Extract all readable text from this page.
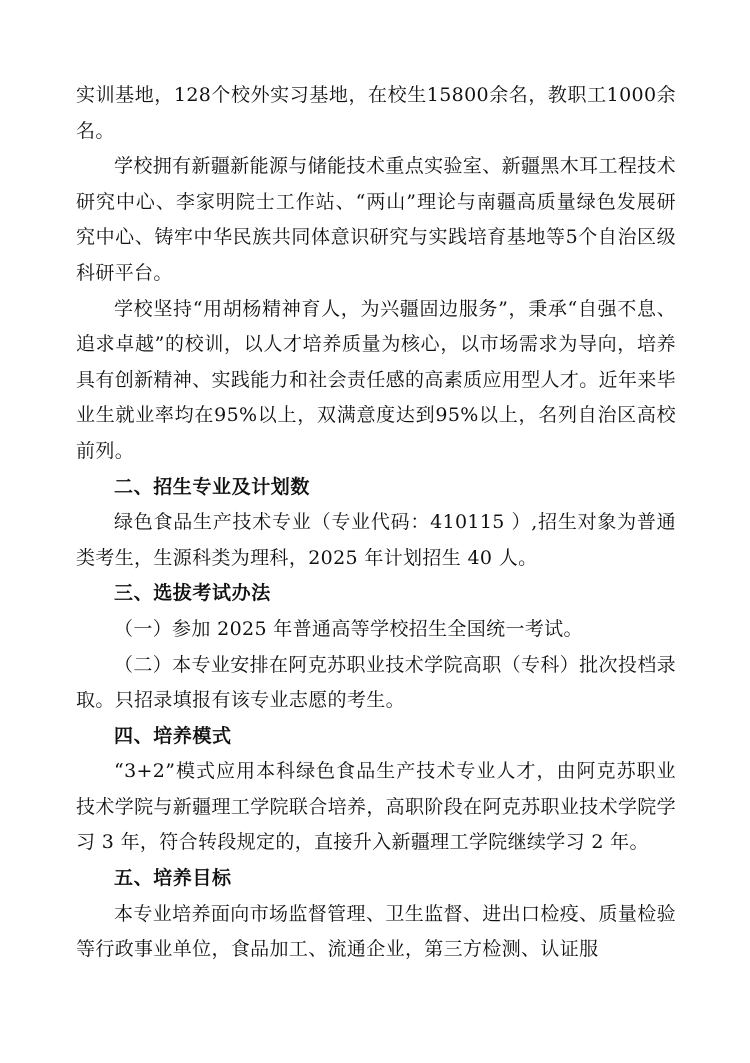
实训基地，128个校外实习基地，在校生15800余名，教职工1000余名。

学校拥有新疆新能源与储能技术重点实验室、新疆黑木耳工程技术研究中心、李家明院士工作站、“两山”理论与南疆高质量绿色发展研究中心、铸牢中华民族共同体意识研究与实践培育基地等5个自治区级科研平台。

学校坚持“用胡杨精神育人，为兴疆固边服务”，秉承“自强不息、追求卓越”的校训，以人才培养质量为核心，以市场需求为导向，培养具有创新精神、实践能力和社会责任感的高素质应用型人才。近年来毕业生就业率均在95%以上，双满意度达到95%以上，名列自治区高校前列。

二、招生专业及计划数

绿色食品生产技术专业（专业代码：410115 ）,招生对象为普通类考生，生源科类为理科，2025 年计划招生 40 人。

三、选拔考试办法

（一）参加 2025 年普通高等学校招生全国统一考试。

（二）本专业安排在阿克苏职业技术学院高职（专科）批次投档录取。只招录填报有该专业志愿的考生。

四、培养模式

“3+2”模式应用本科绿色食品生产技术专业人才，由阿克苏职业技术学院与新疆理工学院联合培养，高职阶段在阿克苏职业技术学院学习 3 年，符合转段规定的，直接升入新疆理工学院继续学习 2 年。

五、培养目标

本专业培养面向市场监督管理、卫生监督、进出口检疫、质量检验等行政事业单位，食品加工、流通企业，第三方检测、认证服
